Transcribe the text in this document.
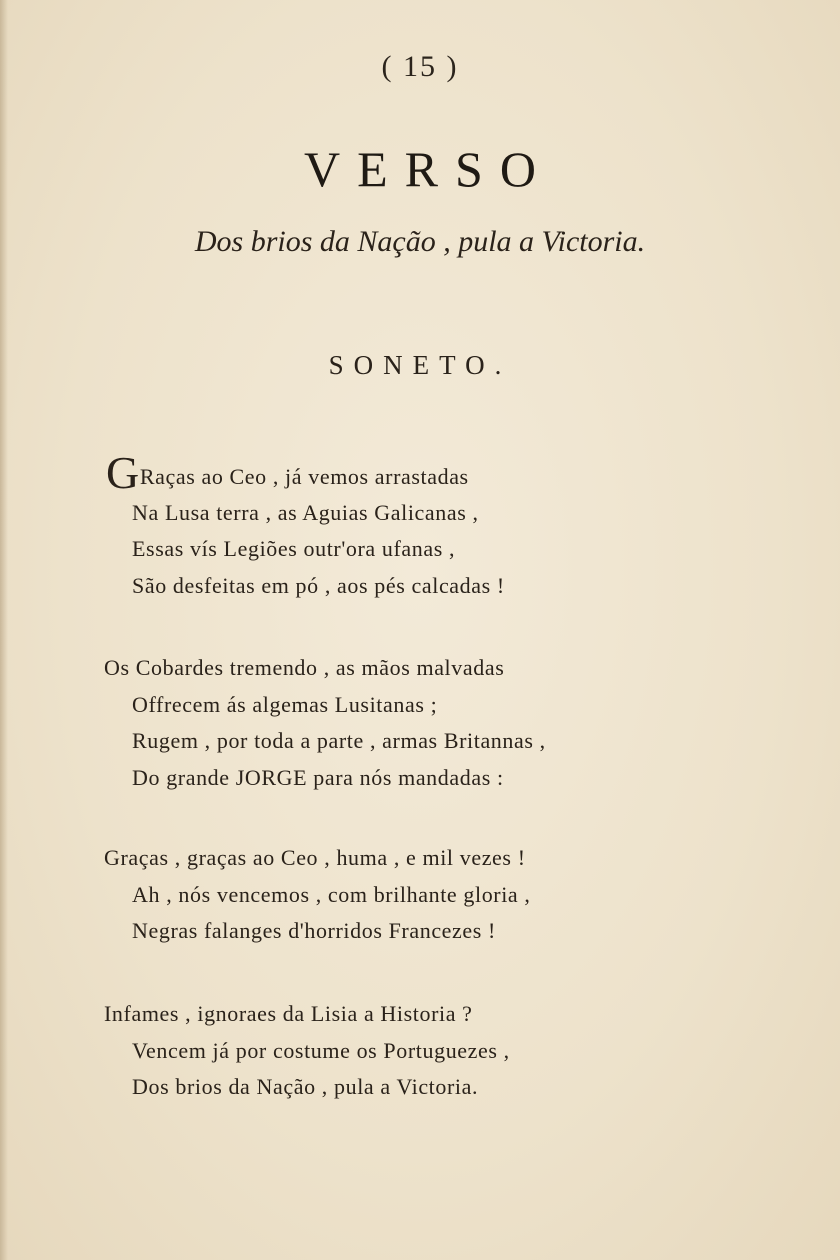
( 15 )
VERSO
Dos brios da Nação , pula a Victoria.
SONETO.
GRaças ao Ceo , já vemos arrastadas
Na Lusa terra , as Aguias Galicanas ,
Essas vís Legiões outr'ora ufanas ,
São desfeitas em pó , aos pés calcadas !
Os Cobardes tremendo , as mãos malvadas
Offrecem ás algemas Lusitanas ;
Rugem , por toda a parte , armas Britannas ,
Do grande JORGE para nós mandadas :
Graças , graças ao Ceo , huma , e mil vezes !
Ah , nós vencemos , com brilhante gloria ,
Negras falanges d'horridos Francezes !
Infames , ignoraes da Lisia a Historia ?
Vencem já por costume os Portuguezes ,
Dos brios da Nação , pula a Victoria.
